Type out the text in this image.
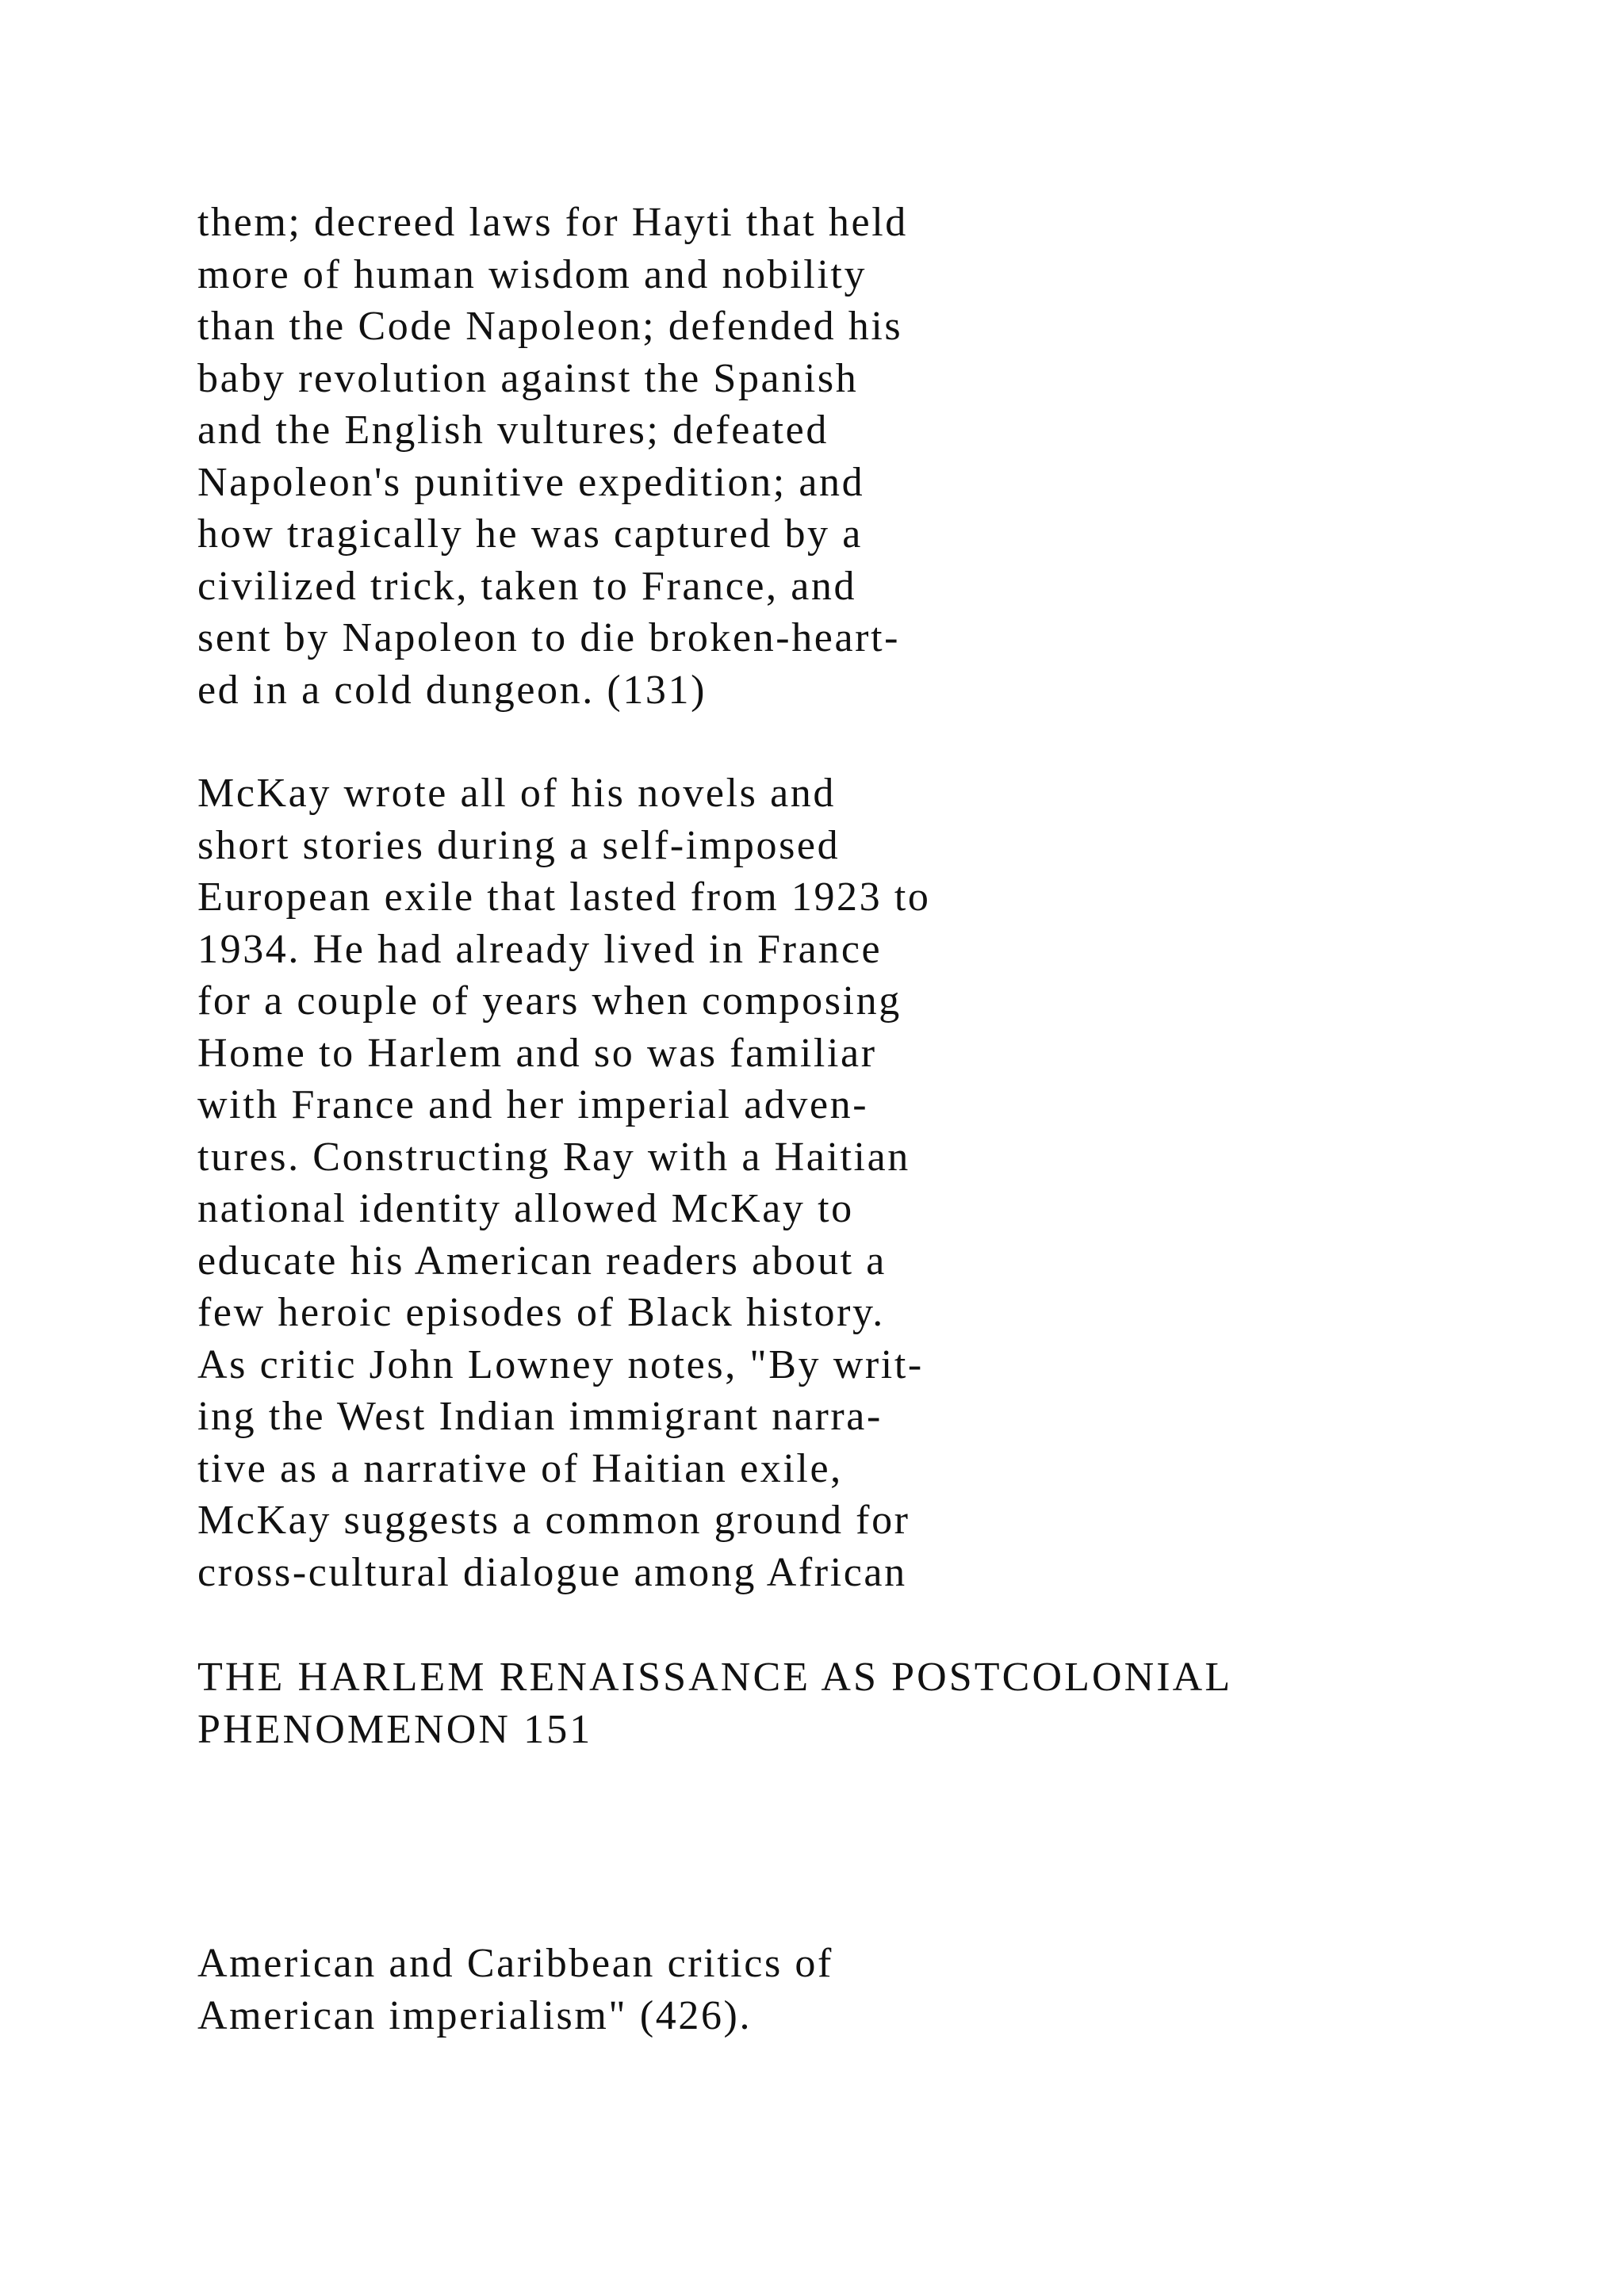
them; decreed laws for Hayti that held
more of human wisdom and nobility
than the Code Napoleon; defended his
baby revolution against the Spanish
and the English vultures; defeated
Napoleon's punitive expedition; and
how tragically he was captured by a
civilized trick, taken to France, and
sent by Napoleon to die broken-heart-
ed in a cold dungeon. (131)
McKay wrote all of his novels and
short stories during a self-imposed
European exile that lasted from 1923 to
1934. He had already lived in France
for a couple of years when composing
Home to Harlem and so was familiar
with France and her imperial adven-
tures. Constructing Ray with a Haitian
national identity allowed McKay to
educate his American readers about a
few heroic episodes of Black history.
As critic John Lowney notes, "By writ-
ing the West Indian immigrant narra-
tive as a narrative of Haitian exile,
McKay suggests a common ground for
cross-cultural dialogue among African
THE HARLEM RENAISSANCE AS POSTCOLONIAL
PHENOMENON 151
American and Caribbean critics of
American imperialism" (426).
